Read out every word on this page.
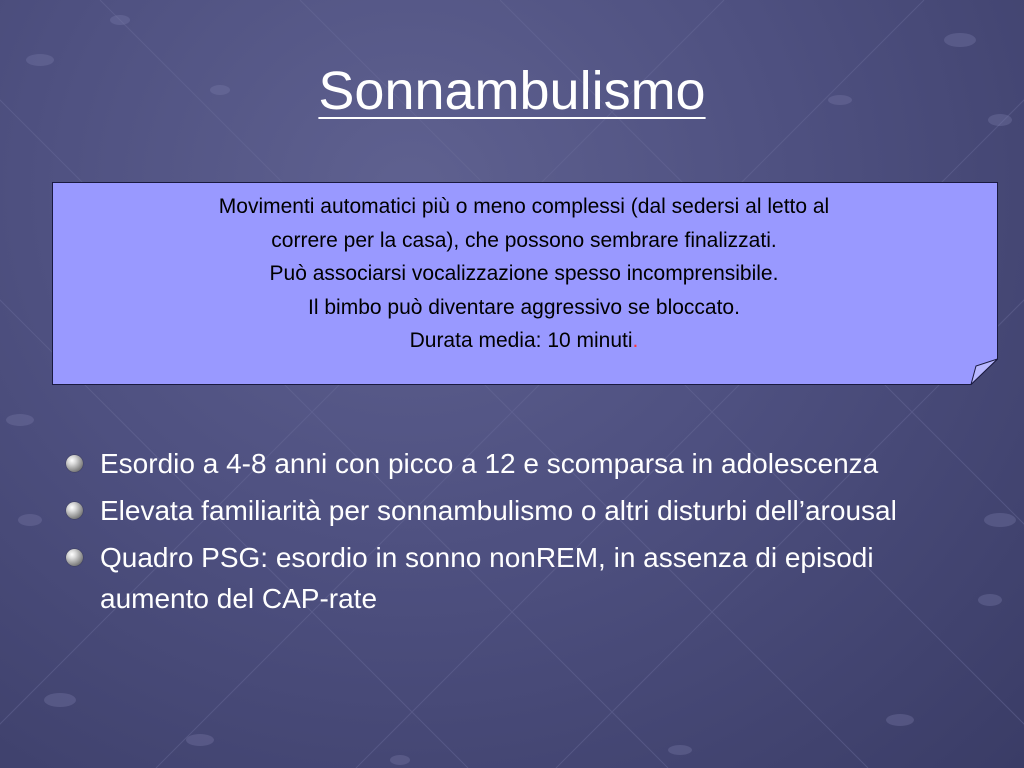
Sonnambulismo
Movimenti automatici più o meno complessi (dal sedersi al letto al
correre per la casa), che possono sembrare finalizzati.
Può associarsi vocalizzazione spesso incomprensibile.
Il bimbo può diventare aggressivo se bloccato.
Durata media: 10 minuti.
Esordio a 4-8 anni con picco a 12 e scomparsa in adolescenza
Elevata familiarità per sonnambulismo o altri disturbi dell’arousal
Quadro PSG: esordio in sonno nonREM, in assenza di episodi aumento del CAP-rate
